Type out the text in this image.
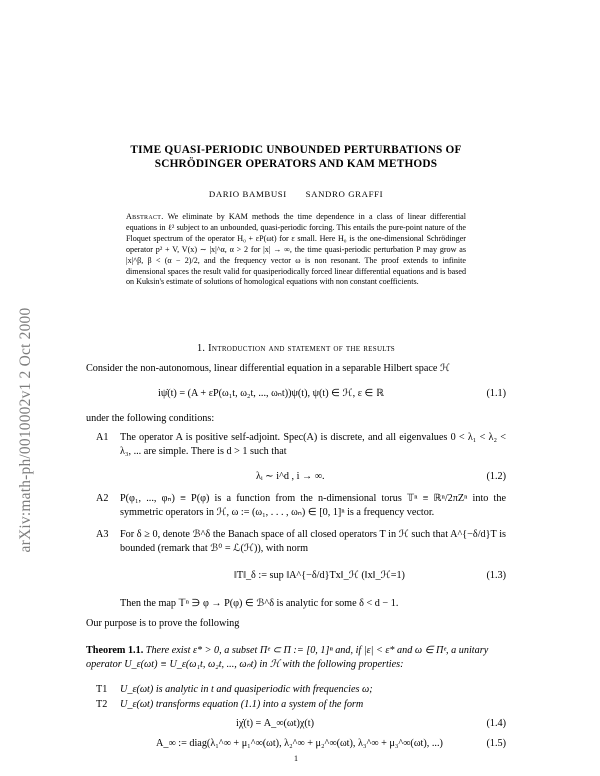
arXiv:math-ph/0010002v1 2 Oct 2000
TIME QUASI-PERIODIC UNBOUNDED PERTURBATIONS OF
SCHRÖDINGER OPERATORS AND KAM METHODS
DARIO BAMBUSI SANDRO GRAFFI
Abstract. We eliminate by KAM methods the time dependence in a class of linear differential equations in ℓ² subject to an unbounded, quasi-periodic forcing. This entails the pure-point nature of the Floquet spectrum of the operator H₀ + εP(ωt) for ε small. Here H₀ is the one-dimensional Schrödinger operator p² + V, V(x) ∼ |x|^α, α > 2 for |x| → ∞, the time quasi-periodic perturbation P may grow as |x|^β, β < (α − 2)/2, and the frequency vector ω is non resonant. The proof extends to infinite dimensional spaces the result valid for quasiperiodically forced linear differential equations and is based on Kuksin's estimate of solutions of homological equations with non constant coefficients.
1. Introduction and statement of the results
Consider the non-autonomous, linear differential equation in a separable Hilbert space ℋ
iψ̇(t) = (A + εP(ω₁t, ω₂t, ..., ωₙt))ψ(t), ψ(t) ∈ ℋ, ε ∈ ℝ	(1.1)
under the following conditions:
A1 The operator A is positive self-adjoint. Spec(A) is discrete, and all eigenvalues 0 < λ₁ < λ₂ < λ₃, ... are simple. There is d > 1 such that
λᵢ ∼ i^d , i → ∞.	(1.2)
A2 P(φ₁, ..., φₙ) ≡ P(φ) is a function from the n-dimensional torus 𝕋ⁿ ≡ ℝⁿ/2πZⁿ into the symmetric operators in ℋ, ω := (ω₁, . . . , ωₙ) ∈ [0, 1]ⁿ is a frequency vector.
A3 For δ ≥ 0, denote ℬ^δ the Banach space of all closed operators T in ℋ such that A^{−δ/d}T is bounded (remark that ℬ⁰ = ℒ(ℋ)), with norm
‖T‖_δ := sup ‖A^{−δ/d}Tx‖_ℋ (‖x‖_ℋ=1)	(1.3)
Then the map 𝕋ⁿ ∋ φ → P(φ) ∈ ℬ^δ is analytic for some δ < d − 1.
Our purpose is to prove the following
Theorem 1.1. There exist ε* > 0, a subset Πᵉ ⊂ Π := [0, 1]ⁿ and, if |ε| < ε* and ω ∈ Πᵉ, a unitary operator U_ε(ωt) ≡ U_ε(ω₁t, ω₂t, ..., ωₙt) in ℋ with the following properties:
T1 U_ε(ωt) is analytic in t and quasiperiodic with frequencies ω;
T2 U_ε(ωt) transforms equation (1.1) into a system of the form
iχ̇(t) = A_∞(ωt)χ(t)	(1.4)
A_∞ := diag(λ₁^∞ + μ₁^∞(ωt), λ₂^∞ + μ₂^∞(ωt), λ₃^∞ + μ₃^∞(ωt), ...)	(1.5)
1
